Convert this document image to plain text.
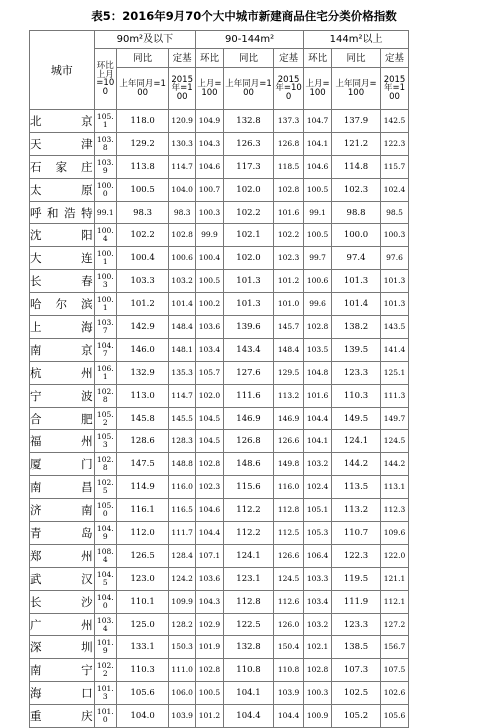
表5：2016年9月70个大中城市新建商品住宅分类价格指数
城市	90m²及以下			90-144m²			144m²以上		

	环比
上月=100	同比	定基	环比	同比	定基	环比	同比	定基

		上年同月=100	2015年=100	上月=100	上年同月=100	2015年=100	上月=100	上年同月=100	2015年=100

北京	105.1	118.0	120.9	104.9	132.8	137.3	104.7	137.9	142.5
天津	103.8	129.2	130.3	104.3	126.3	126.8	104.1	121.2	122.3
石家庄	103.9	113.8	114.7	104.6	117.3	118.5	104.6	114.8	115.7
太原	100.0	100.5	104.0	100.7	102.0	102.8	100.5	102.3	102.4
呼和浩特	99.1	98.3	98.3	100.3	102.2	101.6	99.1	98.8	98.5
沈阳	100.4	102.2	102.8	99.9	102.1	102.2	100.5	100.0	100.3
大连	100.1	100.4	100.6	100.4	102.0	102.3	99.7	97.4	97.6
长春	100.3	103.3	103.2	100.5	101.3	101.2	100.6	101.3	101.3
哈尔滨	100.1	101.2	101.4	100.2	101.3	101.0	99.6	101.4	101.3
上海	103.7	142.9	148.4	103.6	139.6	145.7	102.8	138.2	143.5
南京	104.7	146.0	148.1	103.4	143.4	148.4	103.5	139.5	141.4
杭州	106.1	132.9	135.3	105.7	127.6	129.5	104.8	123.3	125.1
宁波	102.8	113.0	114.7	102.0	111.6	113.2	101.6	110.3	111.3
合肥	105.2	145.8	145.5	104.5	146.9	146.9	104.4	149.5	149.7
福州	105.3	128.6	128.3	104.5	126.8	126.6	104.1	124.1	124.5
厦门	102.8	147.5	148.8	102.8	148.6	149.8	103.2	144.2	144.2
南昌	102.5	114.9	116.0	102.3	115.6	116.0	102.4	113.5	113.1
济南	105.0	116.1	116.5	104.6	112.2	112.8	105.1	113.2	112.3
青岛	104.9	112.0	111.7	104.4	112.2	112.5	105.3	110.7	109.6
郑州	108.4	126.5	128.4	107.1	124.1	126.6	106.4	122.3	122.0
武汉	104.5	123.0	124.2	103.6	123.1	124.5	103.3	119.5	121.1
长沙	104.0	110.1	109.9	104.3	112.8	112.6	103.4	111.9	112.1
广州	103.4	125.0	128.2	102.9	122.5	126.0	103.2	123.3	127.2
深圳	101.9	133.1	150.3	101.9	132.8	150.4	102.1	138.5	156.7
南宁	102.2	110.3	111.0	102.8	110.8	110.8	102.8	107.3	107.5
海口	101.3	105.6	106.0	100.5	104.1	103.9	100.3	102.5	102.6
重庆	101.0	104.0	103.9	101.2	104.4	104.4	100.9	105.2	105.6
